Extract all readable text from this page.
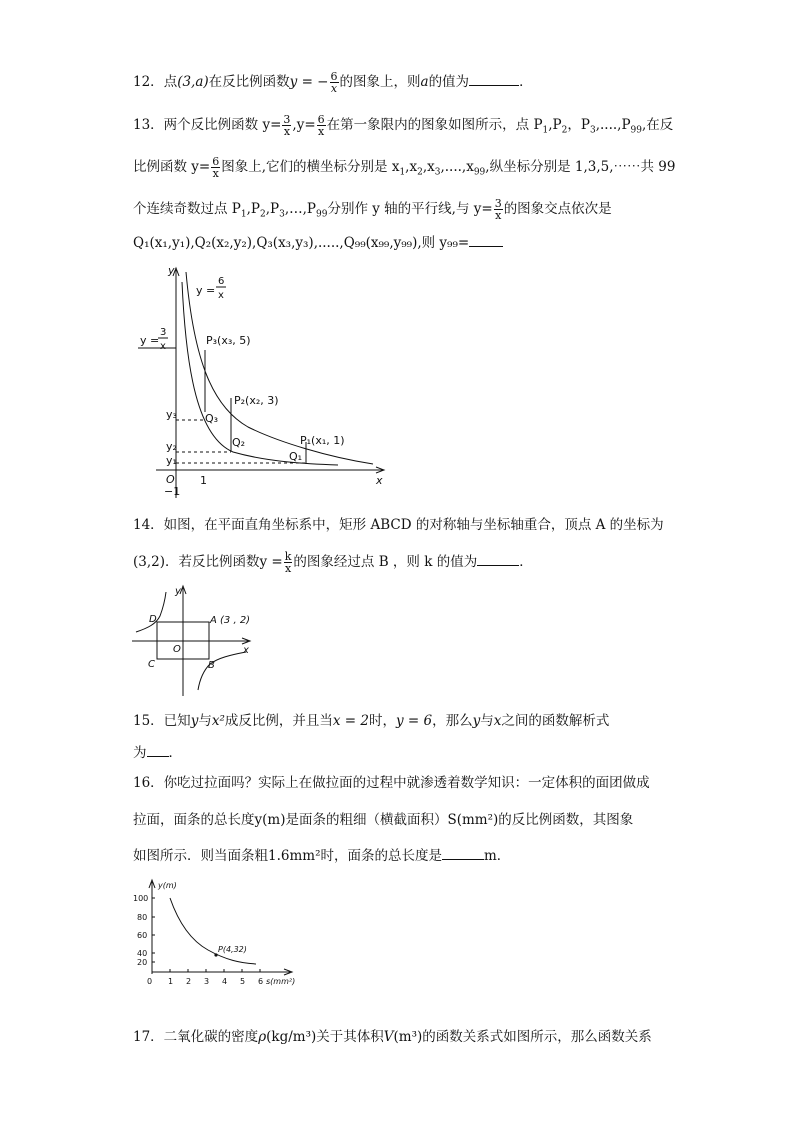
12．点(3,a)在反比例函数y = − $\frac{6}{x}$ 的图象上，则a的值为	．
13．两个反比例函数 $y= \frac{3}{x} ,y= \frac{6}{x}$ 在第一象限内的图象如图所示，点 $P_1,P_2$，$P_3,....,P_{99}$,在反
比例函数 $y= \frac{6}{x}$ 图象上,它们的横坐标分别是 $x_1,x_2,x_3,....,x_{99}$,纵坐标分别是 1,3,5,⋯⋯共 99
个连续奇数过点 $P_1,P_2,P_3,\dots,P_{99}$分别作 y 轴的平行线,与 $y= \frac{3}{x}$ 的图象交点依次是
Q₁(x₁,y₁),Q₂(x₂,y₂),Q₃(x₃,y₃),.....,Q₉₉(x₉₉,y₉₉),则 y₉₉=
y
x
O
−1
1
y =
6
x
y =
3
x	P₃(x₃, 5)
P₂(x₂, 3)
P₁(x₁, 1)
Q₃
Q₂
Q₁
y₃
y₂
y₁
14．如图，在平面直角坐标系中，矩形 ABCD 的对称轴与坐标轴重合，顶点 A 的坐标为
(3,2)．若反比例函数$y = \frac{k}{x}$ 的图象经过点 B ，则 k 的值为	．
y
x
A (3 , 2)
B
C
D
O
15．已知y与x²成反比例，并且当x = 2时，y = 6，那么y与x之间的函数解析式
为 ．
16．你吃过拉面吗？实际上在做拉面的过程中就渗透着数学知识：一定体积的面团做成
拉面，面条的总长度y(m)是面条的粗细（横截面积）S(mm²)的反比例函数，其图象
如图所示．则当面条粗1.6mm²时，面条的总长度是	m．
y(m)
s(mm²)
P(4,32)
100
80
60
40
20
0 1 2 3 4 5 6
17．二氧化碳的密度ρ(kg/m³)关于其体积V(m³)的函数关系式如图所示，那么函数关系
